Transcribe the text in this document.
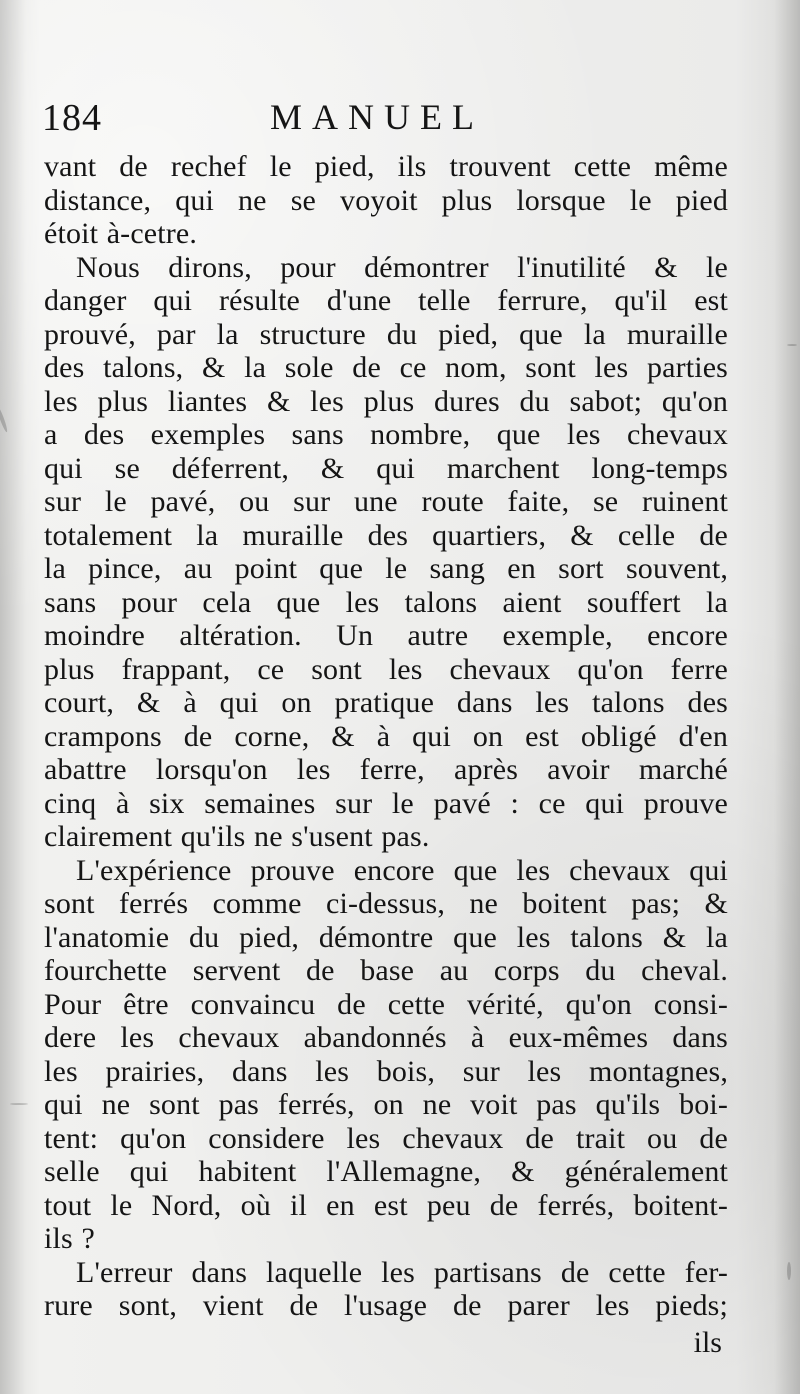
184	MANUEL
vant de rechef le pied, ils trouvent cette même
distance, qui ne se voyoit plus lorsque le pied
étoit à-cetre.
Nous dirons, pour démontrer l'inutilité & le
danger qui résulte d'une telle ferrure, qu'il est
prouvé, par la structure du pied, que la muraille
des talons, & la sole de ce nom, sont les parties
les plus liantes & les plus dures du sabot; qu'on
a des exemples sans nombre, que les chevaux
qui se déferrent, & qui marchent long-temps
sur le pavé, ou sur une route faite, se ruinent
totalement la muraille des quartiers, & celle de
la pince, au point que le sang en sort souvent,
sans pour cela que les talons aient souffert la
moindre altération. Un autre exemple, encore
plus frappant, ce sont les chevaux qu'on ferre
court, & à qui on pratique dans les talons des
crampons de corne, & à qui on est obligé d'en
abattre lorsqu'on les ferre, après avoir marché
cinq à six semaines sur le pavé : ce qui prouve
clairement qu'ils ne s'usent pas.
L'expérience prouve encore que les chevaux qui
sont ferrés comme ci-dessus, ne boitent pas; &
l'anatomie du pied, démontre que les talons & la
fourchette servent de base au corps du cheval.
Pour être convaincu de cette vérité, qu'on consi-
dere les chevaux abandonnés à eux-mêmes dans
les prairies, dans les bois, sur les montagnes,
qui ne sont pas ferrés, on ne voit pas qu'ils boi-
tent: qu'on considere les chevaux de trait ou de
selle qui habitent l'Allemagne, & généralement
tout le Nord, où il en est peu de ferrés, boitent-
ils ?
L'erreur dans laquelle les partisans de cette fer-
rure sont, vient de l'usage de parer les pieds;
ils
